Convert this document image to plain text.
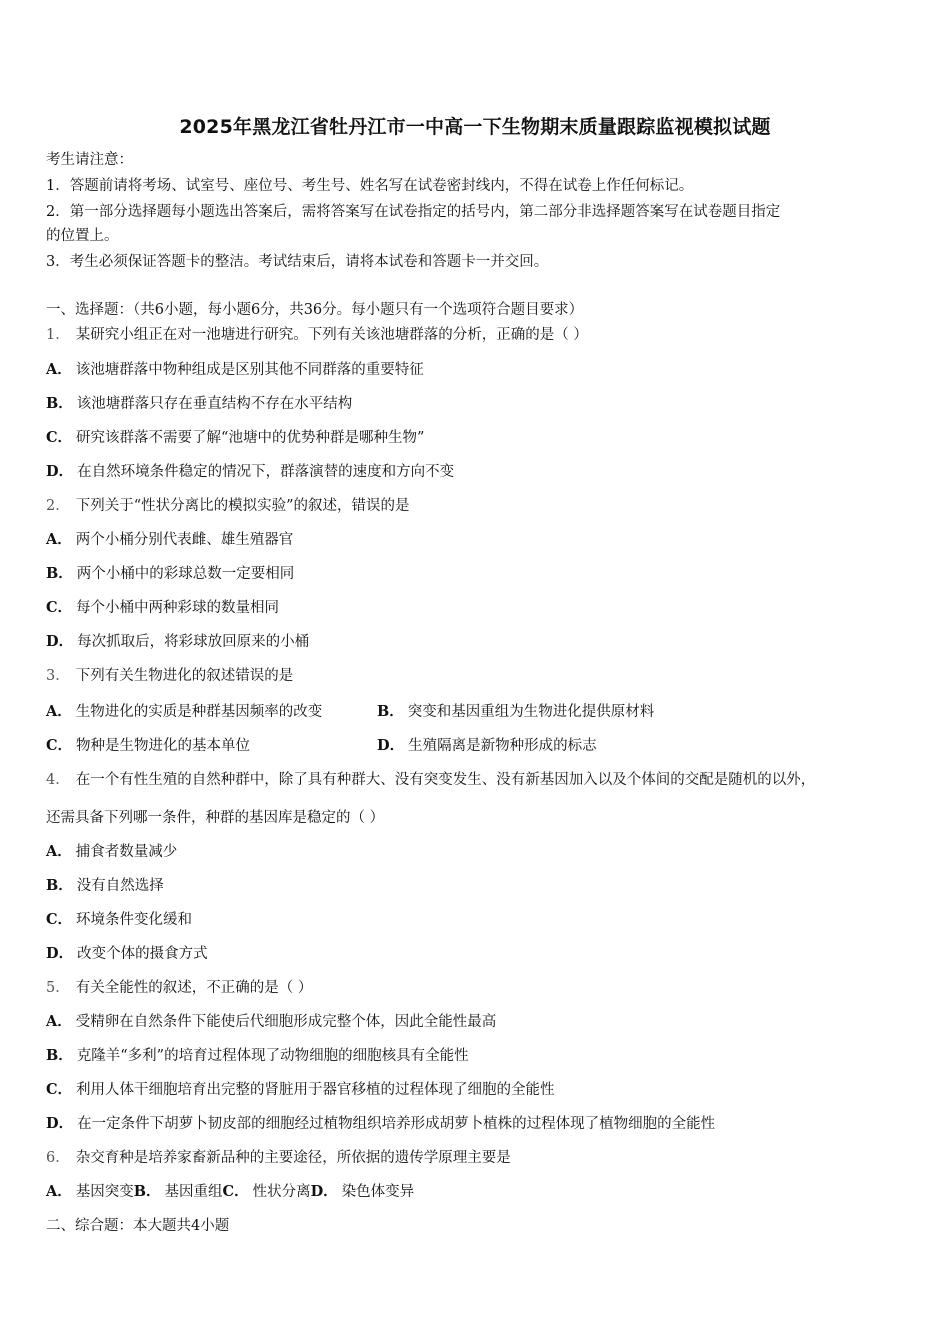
2025年黑龙江省牡丹江市一中高一下生物期末质量跟踪监视模拟试题
考生请注意：
1．答题前请将考场、试室号、座位号、考生号、姓名写在试卷密封线内，不得在试卷上作任何标记。
2．第一部分选择题每小题选出答案后，需将答案写在试卷指定的括号内，第二部分非选择题答案写在试卷题目指定
的位置上。
3．考生必须保证答题卡的整洁。考试结束后，请将本试卷和答题卡一并交回。
一、选择题：（共6小题，每小题6分，共36分。每小题只有一个选项符合题目要求）
1． 某研究小组正在对一池塘进行研究。下列有关该池塘群落的分析，正确的是（ ）
A． 该池塘群落中物种组成是区别其他不同群落的重要特征
B． 该池塘群落只存在垂直结构不存在水平结构
C． 研究该群落不需要了解“池塘中的优势种群是哪种生物”
D． 在自然环境条件稳定的情况下，群落演替的速度和方向不变
2． 下列关于“性状分离比的模拟实验”的叙述，错误的是
A． 两个小桶分别代表雌、雄生殖器官
B． 两个小桶中的彩球总数一定要相同
C． 每个小桶中两种彩球的数量相同
D． 每次抓取后，将彩球放回原来的小桶
3． 下列有关生物进化的叙述错误的是
A． 生物进化的实质是种群基因频率的改变	B． 突变和基因重组为生物进化提供原材料
C． 物种是生物进化的基本单位	D． 生殖隔离是新物种形成的标志
4． 在一个有性生殖的自然种群中，除了具有种群大、没有突变发生、没有新基因加入以及个体间的交配是随机的以外，
还需具备下列哪一条件，种群的基因库是稳定的（ ）
A． 捕食者数量减少
B． 没有自然选择
C． 环境条件变化缓和
D． 改变个体的摄食方式
5． 有关全能性的叙述，不正确的是（ ）
A． 受精卵在自然条件下能使后代细胞形成完整个体，因此全能性最高
B． 克隆羊“多利”的培育过程体现了动物细胞的细胞核具有全能性
C． 利用人体干细胞培育出完整的肾脏用于器官移植的过程体现了细胞的全能性
D． 在一定条件下胡萝卜韧皮部的细胞经过植物组织培养形成胡萝卜植株的过程体现了植物细胞的全能性
6． 杂交育种是培养家畜新品种的主要途径，所依据的遗传学原理主要是
A． 基因突变B． 基因重组C． 性状分离D． 染色体变异
二、综合题：本大题共4小题
